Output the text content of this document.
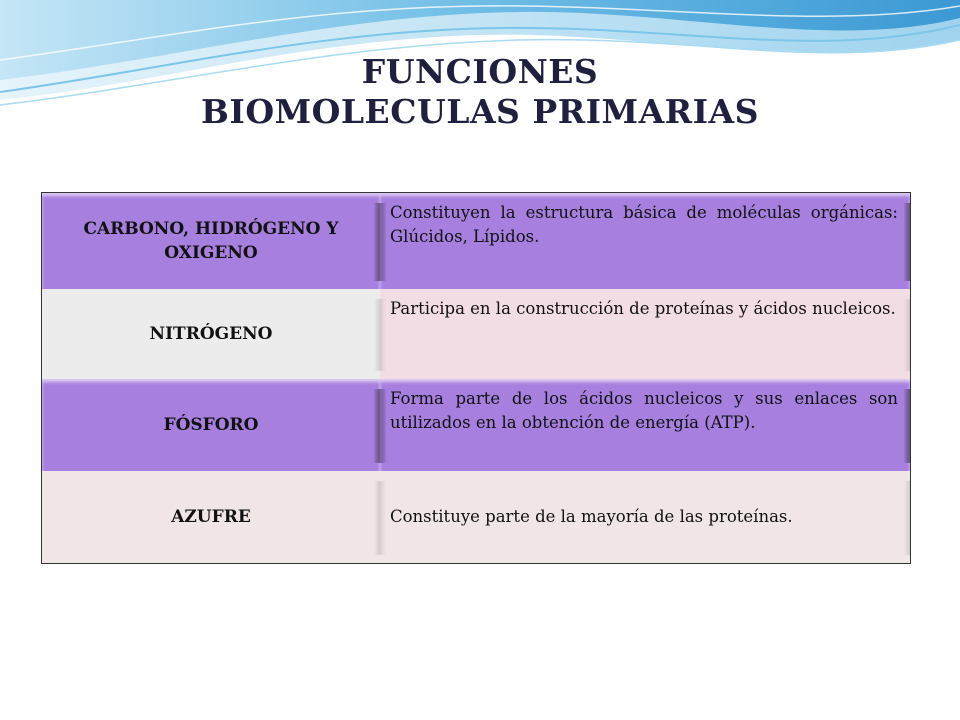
FUNCIONES
BIOMOLECULAS PRIMARIAS
CARBONO, HIDRÓGENO Y OXIGENO
Constituyen la estructura básica de moléculas orgánicas: Glúcidos, Lípidos.
NITRÓGENO
Participa en la construcción de proteínas y ácidos nucleicos.
FÓSFORO
Forma parte de los ácidos nucleicos y sus enlaces son utilizados en la obtención de energía (ATP).
AZUFRE	Constituye parte de la mayoría de las proteínas.
